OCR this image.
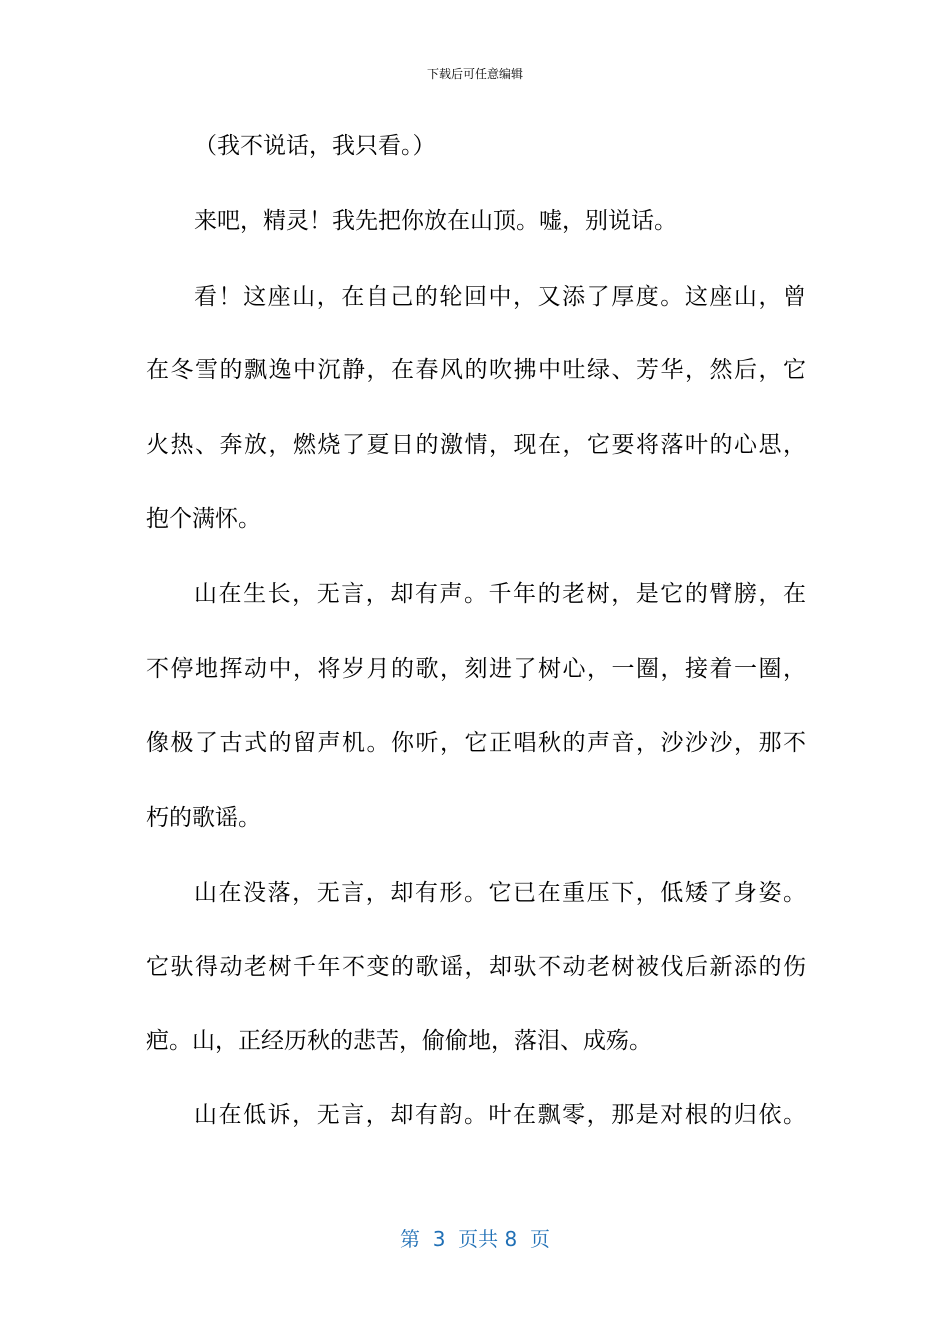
下载后可任意编辑
（我不说话，我只看。）
来吧，精灵！我先把你放在山顶。嘘，别说话。
看！这座山，在自己的轮回中，又添了厚度。这座山，曾
在冬雪的飘逸中沉静，在春风的吹拂中吐绿、芳华，然后，它
火热、奔放，燃烧了夏日的激情，现在，它要将落叶的心思，
抱个满怀。
山在生长，无言，却有声。千年的老树，是它的臂膀，在
不停地挥动中，将岁月的歌，刻进了树心，一圈，接着一圈，
像极了古式的留声机。你听，它正唱秋的声音，沙沙沙，那不
朽的歌谣。
山在没落，无言，却有形。它已在重压下，低矮了身姿。
它驮得动老树千年不变的歌谣，却驮不动老树被伐后新添的伤
疤。山，正经历秋的悲苦，偷偷地，落泪、成殇。
山在低诉，无言，却有韵。叶在飘零，那是对根的归依。
第  3  页共 8  页
